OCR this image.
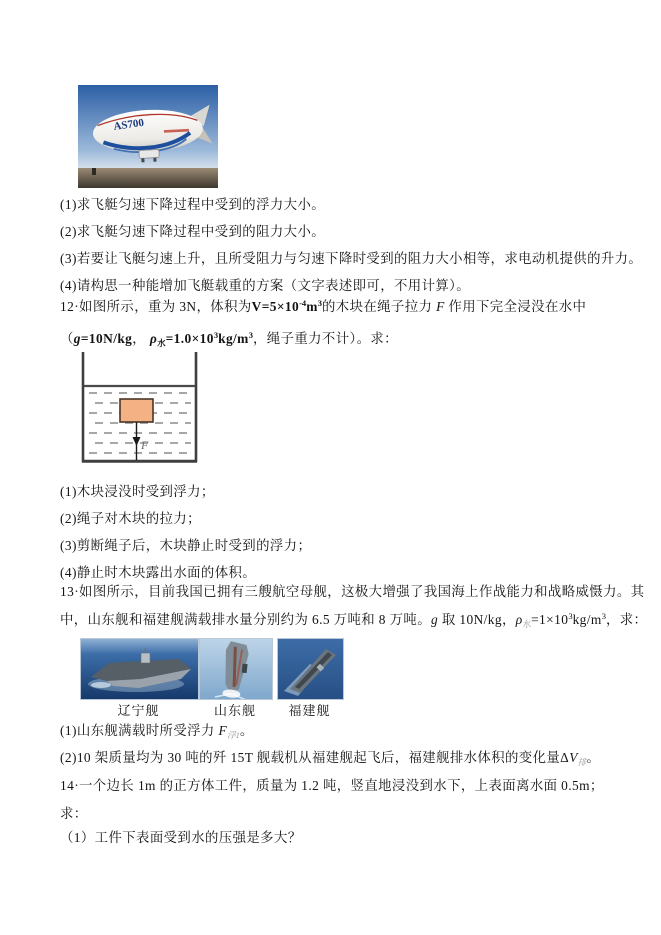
AS700
(1)求飞艇匀速下降过程中受到的浮力大小。
(2)求飞艇匀速下降过程中受到的阻力大小。
(3)若要让飞艇匀速上升，且所受阻力与匀速下降时受到的阻力大小相等，求电动机提供的升力。
(4)请构思一种能增加飞艇载重的方案（文字表述即可，不用计算）。
12·如图所示，重为 3N，体积为$V=5\times 10^{-4}m^3$的木块在绳子拉力 F 作用下完全浸没在水中
（g=10N/kg， $\rho_水=1.0\times 10^3kg/m^3$，绳子重力不计）。求：
F
(1)木块浸没时受到浮力；
(2)绳子对木块的拉力；
(3)剪断绳子后，木块静止时受到的浮力；
(4)静止时木块露出水面的体积。
13·如图所示，目前我国已拥有三艘航空母舰，这极大增强了我国海上作战能力和战略威慑力。其
中，山东舰和福建舰满载排水量分别约为 6.5 万吨和 8 万吨。g 取 10N/kg，$\rho_水=1\times 10^3kg/m^3$，求：
辽宁舰	山东舰	福建舰
(1)山东舰满载时所受浮力 $F_{浮1}$。
(2)10 架质量均为 30 吨的歼 15T 舰载机从福建舰起飞后，福建舰排水体积的变化量$\Delta V_排$。
14·一个边长 1m 的正方体工件，质量为 1.2 吨，竖直地浸没到水下，上表面离水面 0.5m；
求：
（1）工件下表面受到水的压强是多大？
